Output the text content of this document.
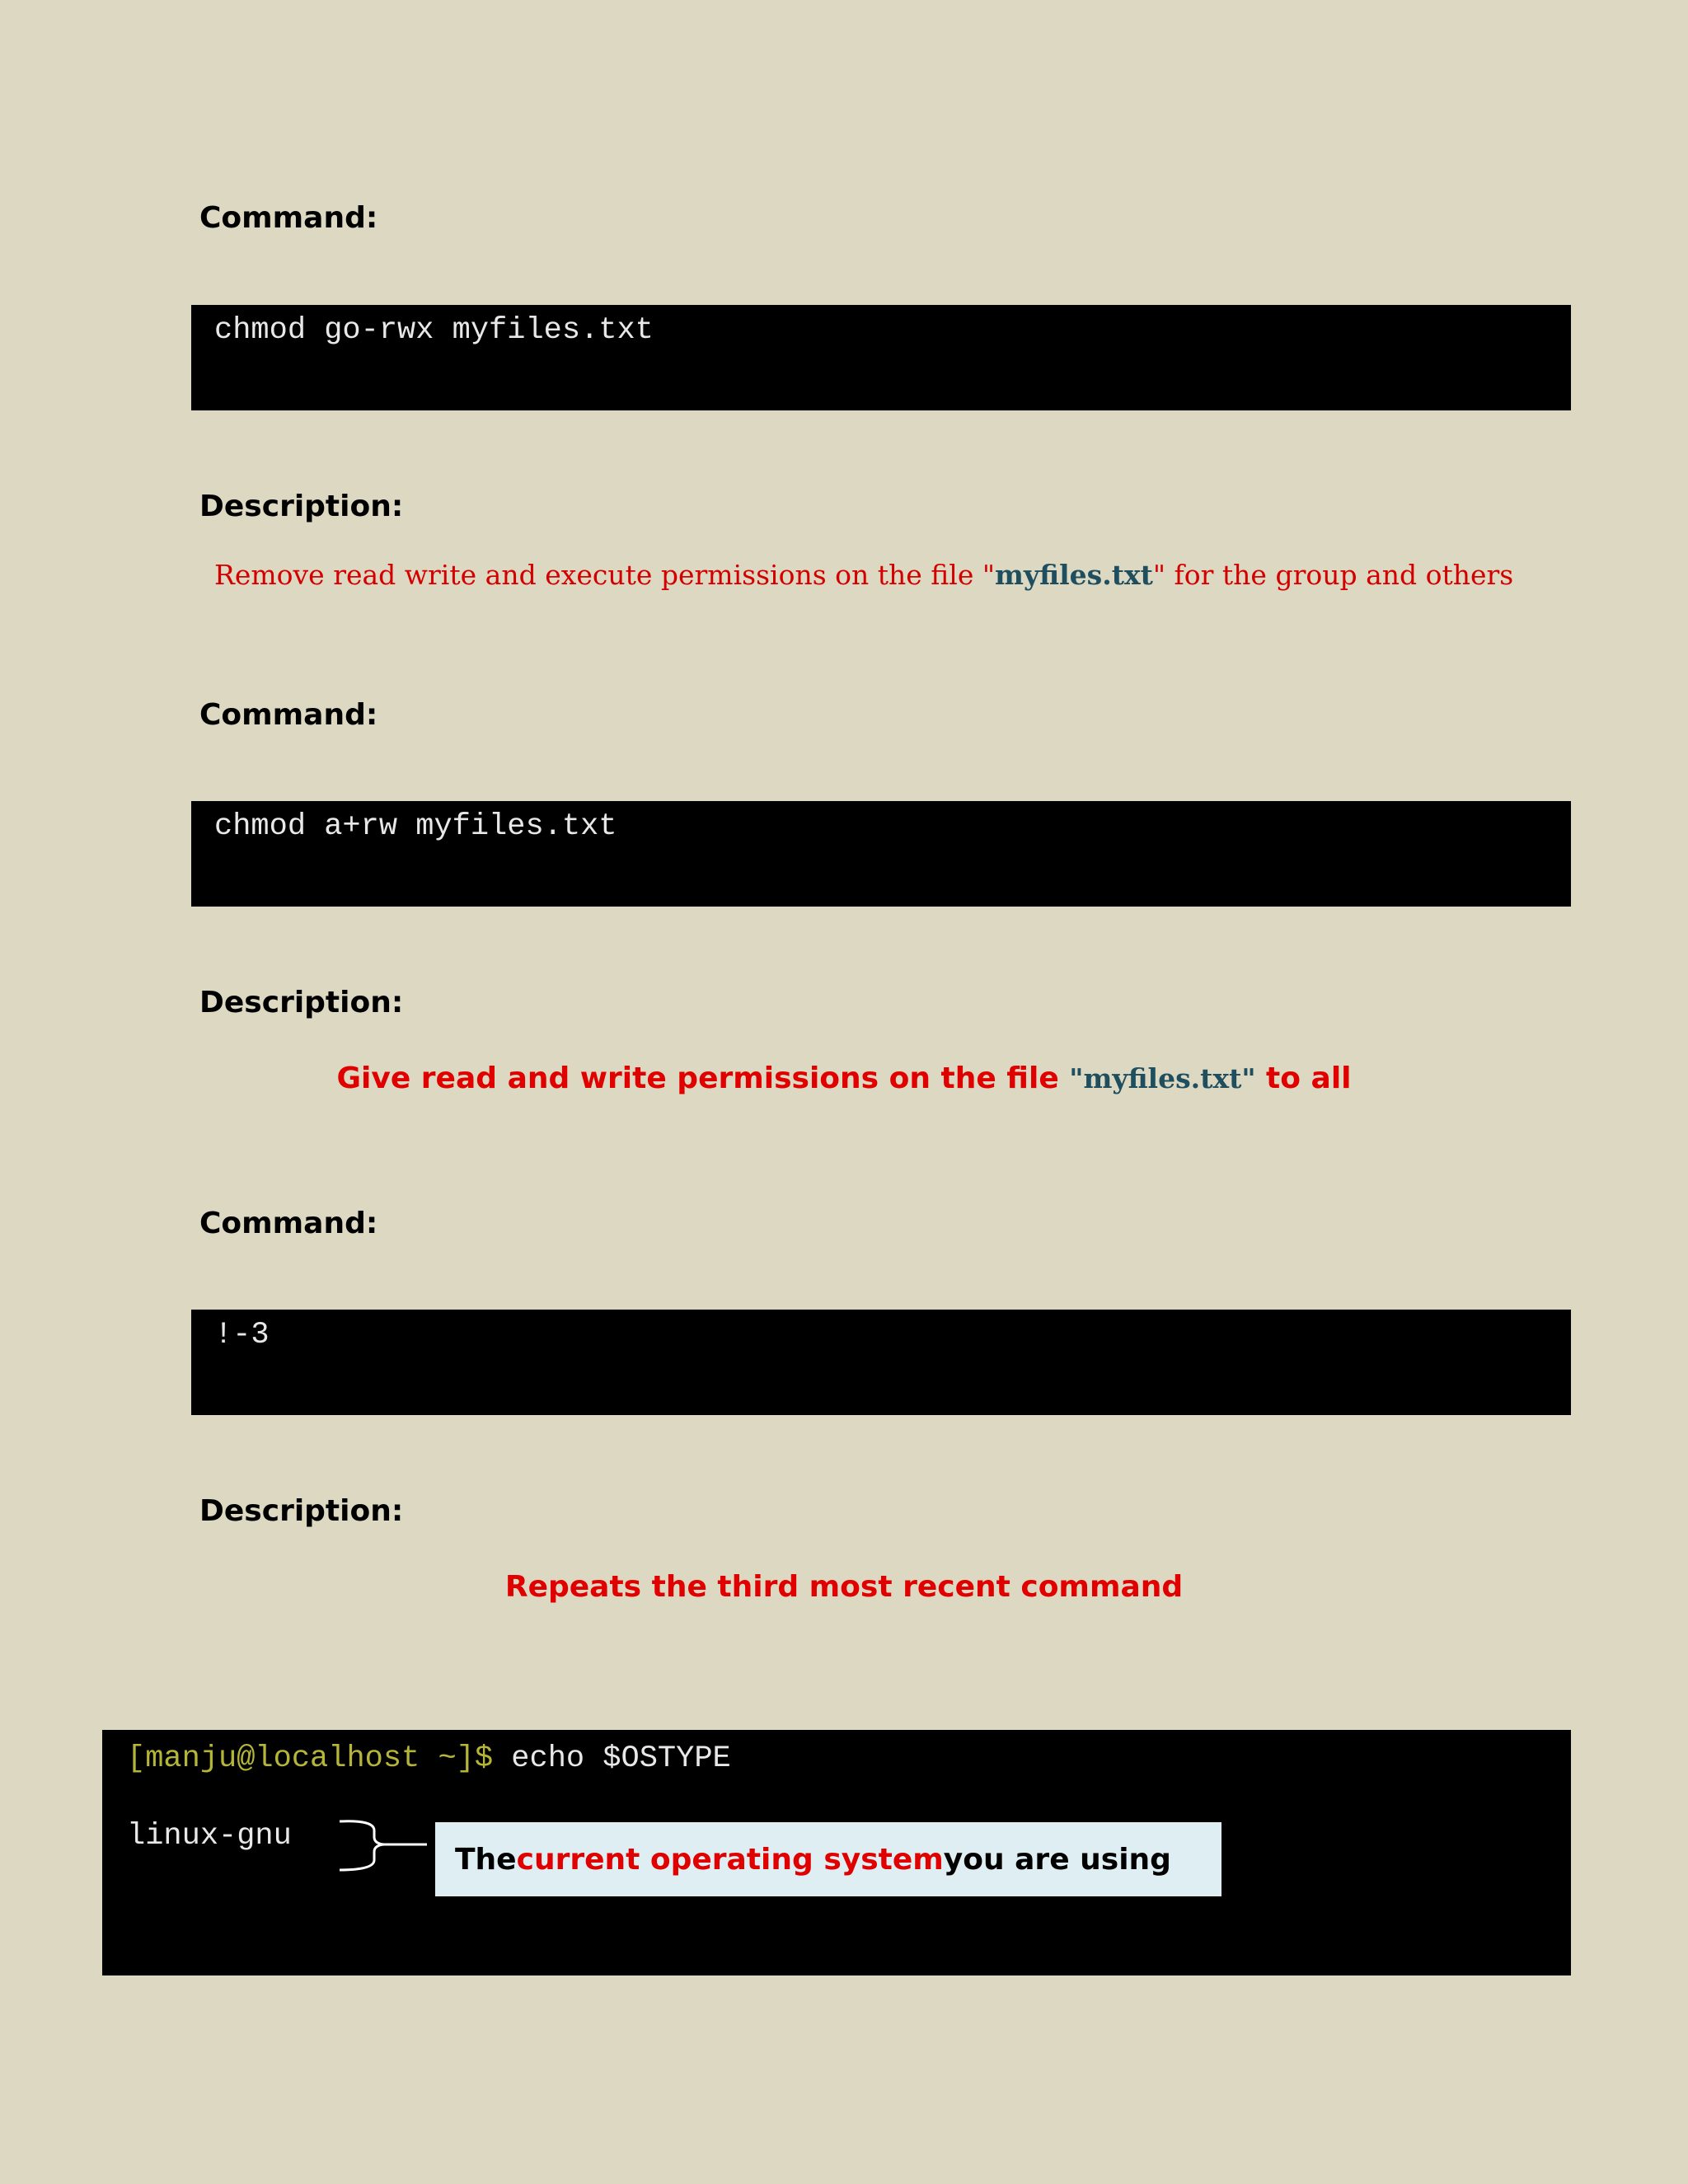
Command:
chmod go-rwx myfiles.txt
Description:
Remove read write and execute permissions on the file "myfiles.txt" for the group and others
Command:
chmod a+rw myfiles.txt
Description:
Give read and write permissions on the file "myfiles.txt" to all
Command:
!-3
Description:
Repeats the third most recent command
[manju@localhost ~]$ echo $OSTYPE
linux-gnu
The current operating system you are using
